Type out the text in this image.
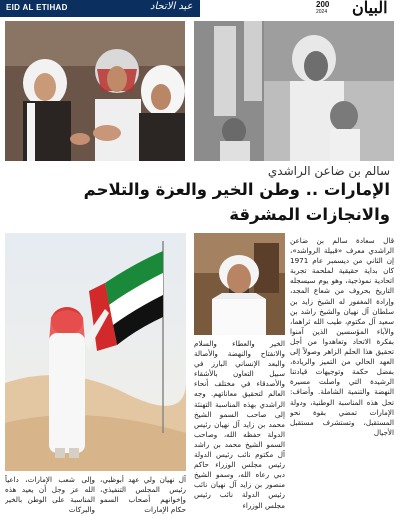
EID AL ETIHAD	عيد الاتحاد	200
2024 البيان
سالم بن ضاعن الراشدي
الإمارات .. وطن الخير والعزة والتلاحم
والانجازات المشرقة
قال سعادة سالم بن ضاعن الراشدي معرف «قبيلة الرواشد»، إن الثاني من ديسمبر عام 1971 كان بداية حقيقية لملحمة تجربة اتحادية نموذجية، وهو يوم سيسجله التاريخ بحروف من شعاع المجد، وإرادة المغفور له الشيخ زايد بن سلطان آل نهيان والشيخ راشد بن سعيد آل مكتوم، طيب الله ثراهما، والآباء المؤسسين الذين آمنوا بفكرة الاتحاد وتعاهدوا من أجل تحقيق هذا الحلم الزاهر وصولاً إلى العهد الحالي من التميز والريادة، بفضل حكمة وتوجيهات قيادتنا الرشيدة التي واصلت مسيرة النهضة والتنمية الشاملة. وأضاف: تحل هذه المناسبة الوطنية، ودولة الإمارات تمضي بقوة نحو المستقبل، وتستشرف مستقبل الأجيال
الخير والعطاء والسلام والانفتاح والنهضة والأصالة والبعد الإنساني البارز في سبيل التعاون بالأشقاء والأصدقاء في مختلف أنحاء العالم لتحقيق معاناتهم. وجه الراشدي بهذه المناسبة التهنئة إلى صاحب السمو الشيخ محمد بن زايد آل نهيان رئيس الدولة حفظه الله، وصاحب السمو الشيخ محمد بن راشد آل مكتوم نائب رئيس الدولة رئيس مجلس الوزراء حاكم دبي رعاه الله، وسمو الشيخ منصور بن زايد آل نهيان نائب رئيس الدولة نائب رئيس مجلس الوزراء
آل نهيان ولي عهد أبوظبي، رئيس المجلس التنفيذي، وإخوانهم أصحاب السمو حكام الإمارات
وإلى شعب الإمارات، داعياً الله عز وجل أن يعيد هذه المناسبة على الوطن بالخير والبركات
